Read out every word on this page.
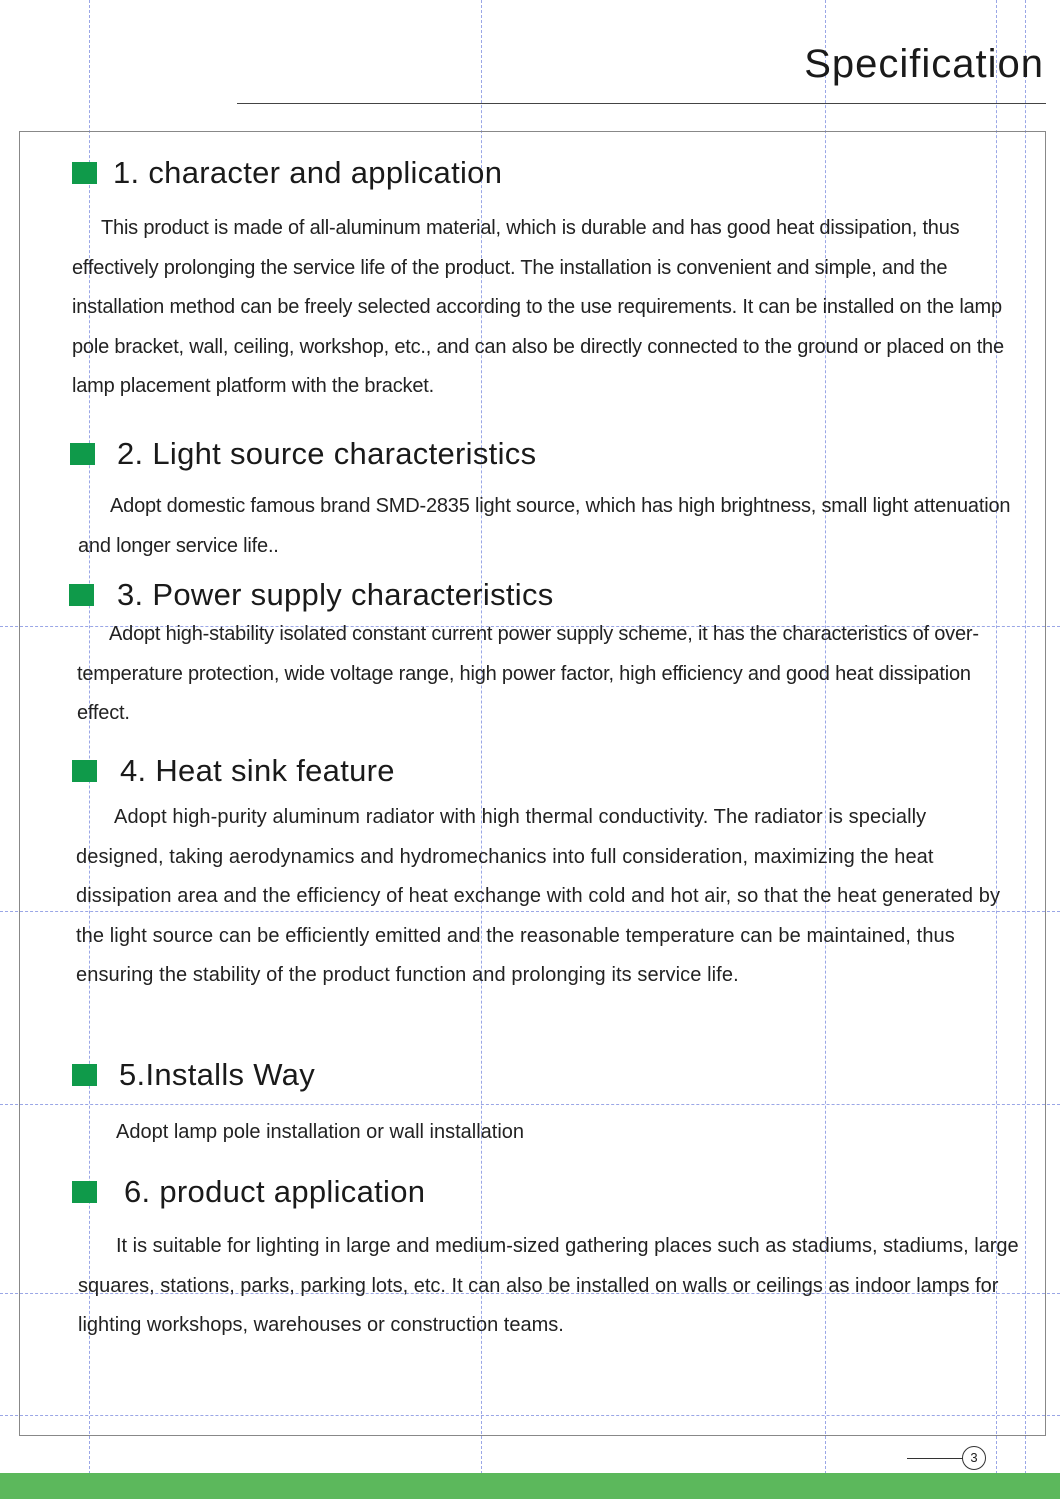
Specification
1. character and application

This product is made of all-aluminum material, which is durable and has good heat dissipation, thus effectively prolonging the service life of the product. The installation is convenient and simple, and the installation method can be freely selected according to the use requirements. It can be installed on the lamp pole bracket, wall, ceiling, workshop, etc., and can also be directly connected to the ground or placed on the lamp placement platform with the bracket.

2. Light source characteristics

Adopt domestic famous brand SMD-2835 light source, which has high brightness, small light attenuation and longer service life..

3. Power supply characteristics

Adopt high-stability isolated constant current power supply scheme, it has the characteristics of over-temperature protection, wide voltage range, high power factor, high efficiency and good heat dissipation effect.

4. Heat sink feature

Adopt high-purity aluminum radiator with high thermal conductivity. The radiator is specially designed, taking aerodynamics and hydromechanics into full consideration, maximizing the heat dissipation area and the efficiency of heat exchange with cold and hot air, so that the heat generated by the light source can be efficiently emitted and the reasonable temperature can be maintained, thus ensuring the stability of the product function and prolonging its service life.

5.Installs Way

Adopt lamp pole installation or wall installation

6. product application

It is suitable for lighting in large and medium-sized gathering places such as stadiums, stadiums, large squares, stations, parks, parking lots, etc. It can also be installed on walls or ceilings as indoor lamps for lighting workshops, warehouses or construction teams.

3
